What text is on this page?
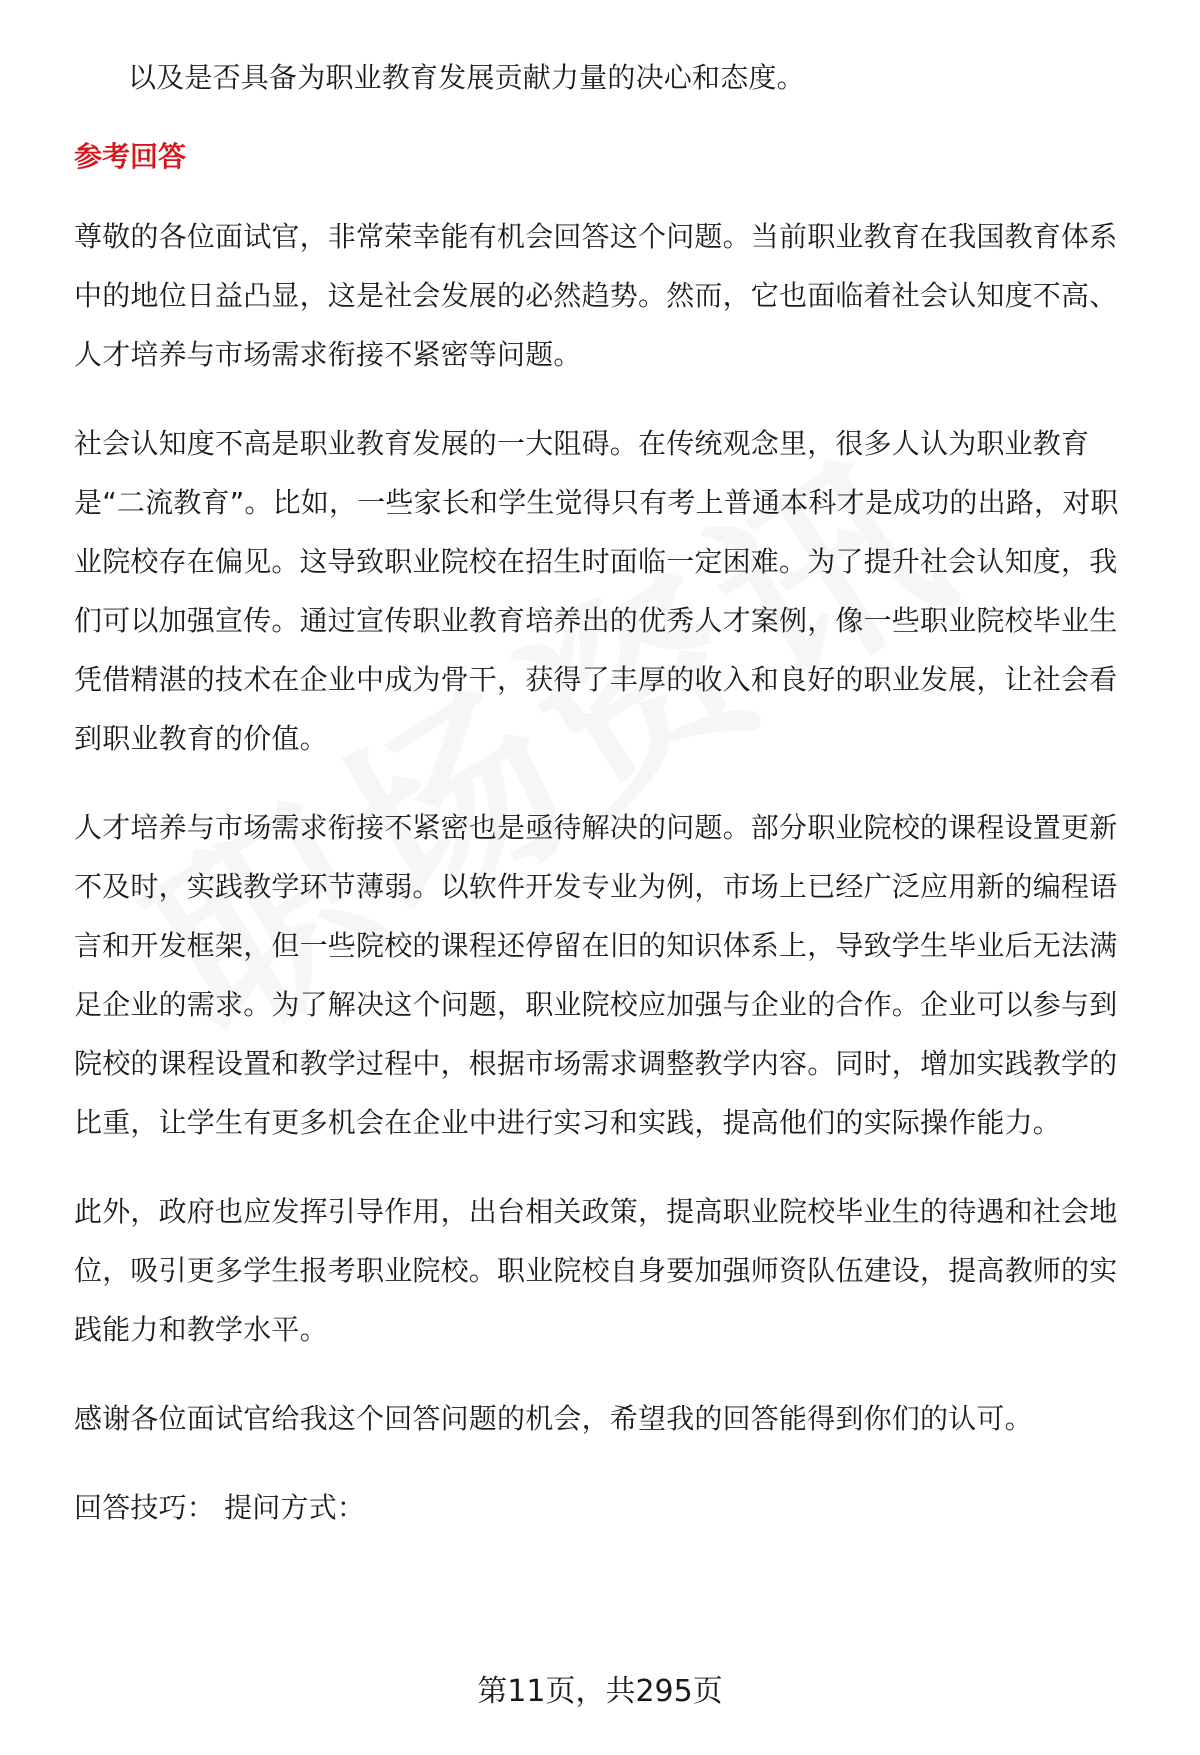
以及是否具备为职业教育发展贡献力量的决心和态度。

参考回答

尊敬的各位面试官，非常荣幸能有机会回答这个问题。当前职业教育在我国教育体系中的地位日益凸显，这是社会发展的必然趋势。然而，它也面临着社会认知度不高、人才培养与市场需求衔接不紧密等问题。

社会认知度不高是职业教育发展的一大阻碍。在传统观念里，很多人认为职业教育是“二流教育”。比如，一些家长和学生觉得只有考上普通本科才是成功的出路，对职业院校存在偏见。这导致职业院校在招生时面临一定困难。为了提升社会认知度，我们可以加强宣传。通过宣传职业教育培养出的优秀人才案例，像一些职业院校毕业生凭借精湛的技术在企业中成为骨干，获得了丰厚的收入和良好的职业发展，让社会看到职业教育的价值。

人才培养与市场需求衔接不紧密也是亟待解决的问题。部分职业院校的课程设置更新不及时，实践教学环节薄弱。以软件开发专业为例，市场上已经广泛应用新的编程语言和开发框架，但一些院校的课程还停留在旧的知识体系上，导致学生毕业后无法满足企业的需求。为了解决这个问题，职业院校应加强与企业的合作。企业可以参与到院校的课程设置和教学过程中，根据市场需求调整教学内容。同时，增加实践教学的比重，让学生有更多机会在企业中进行实习和实践，提高他们的实际操作能力。

此外，政府也应发挥引导作用，出台相关政策，提高职业院校毕业生的待遇和社会地位，吸引更多学生报考职业院校。职业院校自身要加强师资队伍建设，提高教师的实践能力和教学水平。

感谢各位面试官给我这个回答问题的机会，希望我的回答能得到你们的认可。

回答技巧： 提问方式：

第11页，共295页
